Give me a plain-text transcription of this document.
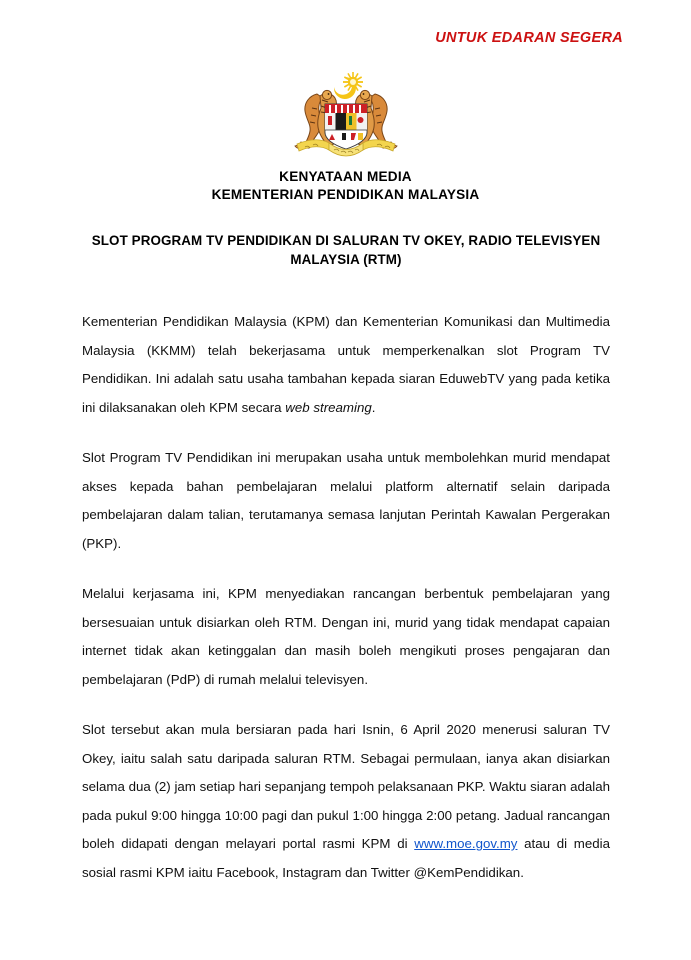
UNTUK EDARAN SEGERA
KENYATAAN MEDIA
KEMENTERIAN PENDIDIKAN MALAYSIA
SLOT PROGRAM TV PENDIDIKAN DI SALURAN TV OKEY, RADIO TELEVISYEN MALAYSIA (RTM)

Kementerian Pendidikan Malaysia (KPM) dan Kementerian Komunikasi dan Multimedia Malaysia (KKMM) telah bekerjasama untuk memperkenalkan slot Program TV Pendidikan. Ini adalah satu usaha tambahan kepada siaran EduwebTV yang pada ketika ini dilaksanakan oleh KPM secara web streaming.

Slot Program TV Pendidikan ini merupakan usaha untuk membolehkan murid mendapat akses kepada bahan pembelajaran melalui platform alternatif selain daripada pembelajaran dalam talian, terutamanya semasa lanjutan Perintah Kawalan Pergerakan (PKP).

Melalui kerjasama ini, KPM menyediakan rancangan berbentuk pembelajaran yang bersesuaian untuk disiarkan oleh RTM. Dengan ini, murid yang tidak mendapat capaian internet tidak akan ketinggalan dan masih boleh mengikuti proses pengajaran dan pembelajaran (PdP) di rumah melalui televisyen.

Slot tersebut akan mula bersiaran pada hari Isnin, 6 April 2020 menerusi saluran TV Okey, iaitu salah satu daripada saluran RTM. Sebagai permulaan, ianya akan disiarkan selama dua (2) jam setiap hari sepanjang tempoh pelaksanaan PKP. Waktu siaran adalah pada pukul 9:00 hingga 10:00 pagi dan pukul 1:00 hingga 2:00 petang. Jadual rancangan boleh didapati dengan melayari portal rasmi KPM di www.moe.gov.my atau di media sosial rasmi KPM iaitu Facebook, Instagram dan Twitter @KemPendidikan.
